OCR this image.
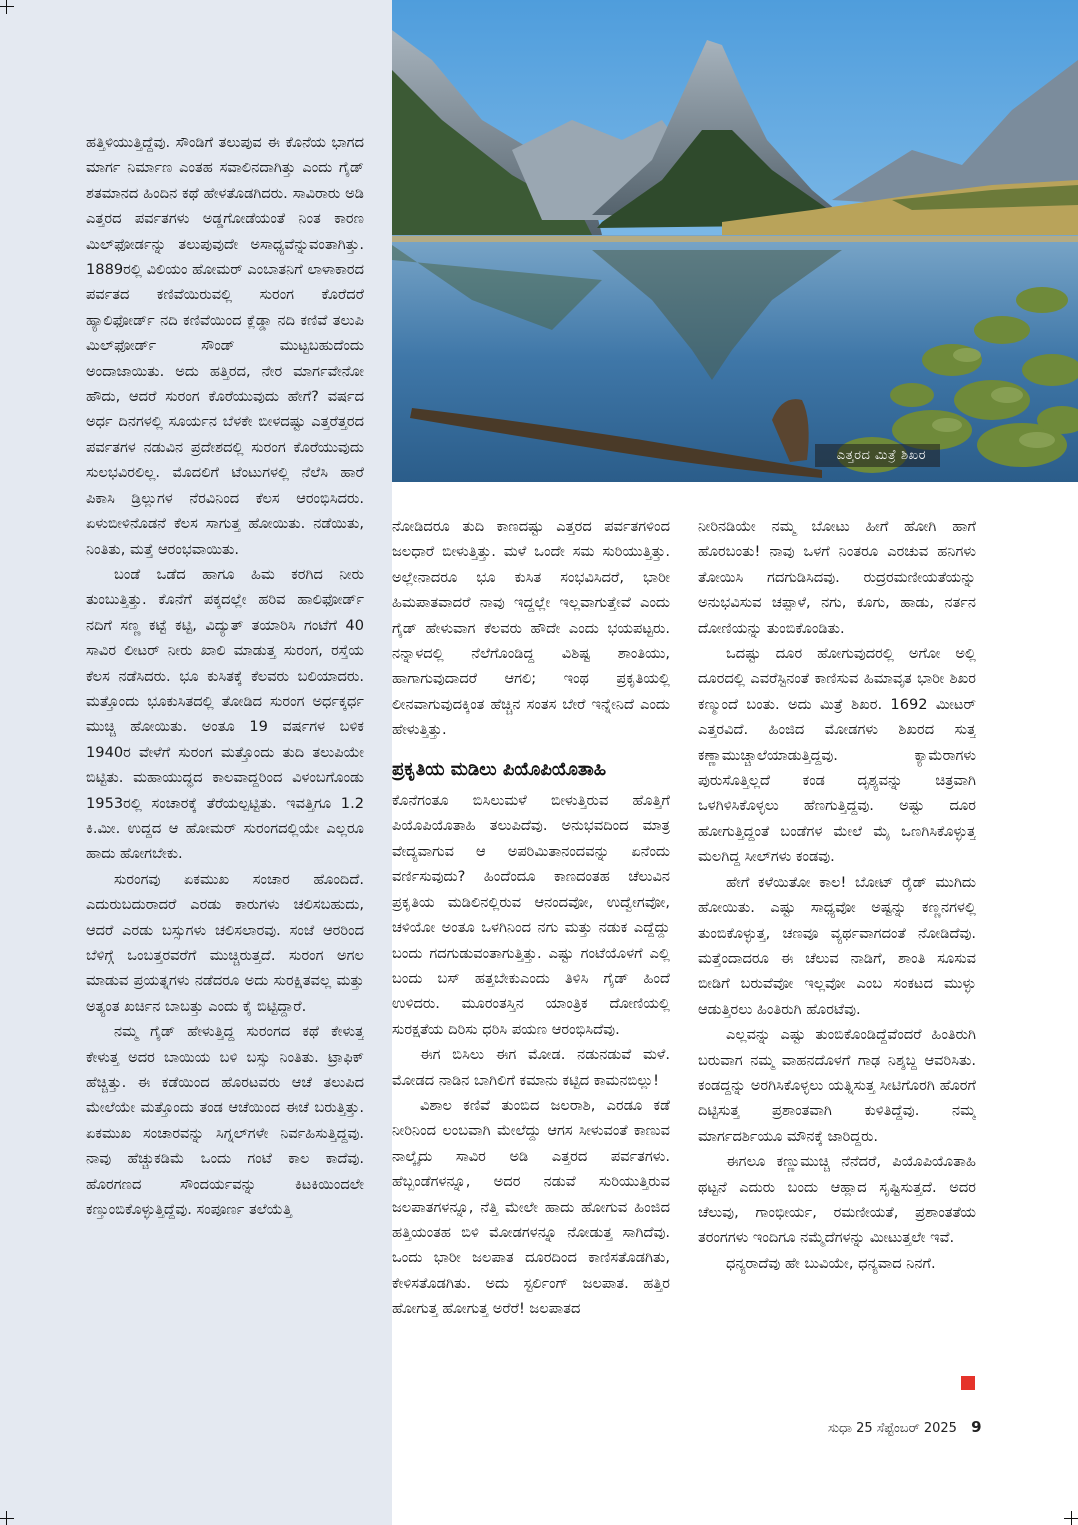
ಎತ್ತರದ ಮಿತ್ರೆ ಶಿಖರ

ಹತ್ತಿಳಿಯುತ್ತಿದ್ದೆವು. ಸೌಂಡಿಗೆ ತಲುಪುವ ಈ ಕೊನೆಯ ಭಾಗದ ಮಾರ್ಗ ನಿರ್ಮಾಣ ಎಂತಹ ಸವಾಲಿನದಾಗಿತ್ತು ಎಂದು ಗೈಡ್ ಶತಮಾನದ ಹಿಂದಿನ ಕಥೆ ಹೇಳತೊಡಗಿದರು. ಸಾವಿರಾರು ಅಡಿ ಎತ್ತರದ ಪರ್ವತಗಳು ಅಡ್ಡಗೋಡೆಯಂತೆ ನಿಂತ ಕಾರಣ ಮಿಲ್‌ಫೋರ್ಡನ್ನು ತಲುಪುವುದೇ ಅಸಾಧ್ಯವೆನ್ನುವಂತಾಗಿತ್ತು. 1889ರಲ್ಲಿ ವಿಲಿಯಂ ಹೋಮರ್ ಎಂಬಾತನಿಗೆ ಲಾಳಾಕಾರದ ಪರ್ವತದ ಕಣಿವೆಯಿರುವಲ್ಲಿ ಸುರಂಗ ಕೊರೆದರೆ ಹ್ಯಾಲಿಫೋರ್ಡ್ ನದಿ ಕಣಿವೆಯಿಂದ ಕ್ಲೆಡ್ಡಾ ನದಿ ಕಣಿವೆ ತಲುಪಿ ಮಿಲ್‌ಫೋರ್ಡ್ ಸೌಂಡ್ ಮುಟ್ಟಬಹುದೆಂದು ಅಂದಾಜಾಯಿತು. ಅದು ಹತ್ತಿರದ, ನೇರ ಮಾರ್ಗವೇನೋ ಹೌದು, ಆದರೆ ಸುರಂಗ ಕೊರೆಯುವುದು ಹೇಗೆ? ವರ್ಷದ ಅರ್ಧ ದಿನಗಳಲ್ಲಿ ಸೂರ್ಯನ ಬೆಳಕೇ ಬೀಳದಷ್ಟು ಎತ್ತರೆತ್ತರದ ಪರ್ವತಗಳ ನಡುವಿನ ಪ್ರದೇಶದಲ್ಲಿ ಸುರಂಗ ಕೊರೆಯುವುದು ಸುಲಭವಿರಲಿಲ್ಲ. ಮೊದಲಿಗೆ ಟೆಂಟುಗಳಲ್ಲಿ ನೆಲೆಸಿ ಹಾರೆ ಪಿಕಾಸಿ ಡ್ರಿಲ್ಲುಗಳ ನೆರವಿನಿಂದ ಕೆಲಸ ಆರಂಭಿಸಿದರು. ಏಳುಬೀಳಿನೊಡನೆ ಕೆಲಸ ಸಾಗುತ್ತ ಹೋಯಿತು. ನಡೆಯಿತು, ನಿಂತಿತು, ಮತ್ತೆ ಆರಂಭವಾಯಿತು.

ಬಂಡೆ ಒಡೆದ ಹಾಗೂ ಹಿಮ ಕರಗಿದ ನೀರು ತುಂಬುತ್ತಿತ್ತು. ಕೊನೆಗೆ ಪಕ್ಕದಲ್ಲೇ ಹರಿವ ಹಾಲಿಫೋರ್ಡ್ ನದಿಗೆ ಸಣ್ಣ ಕಟ್ಟೆ ಕಟ್ಟಿ, ವಿದ್ಯುತ್ ತಯಾರಿಸಿ ಗಂಟೆಗೆ 40 ಸಾವಿರ ಲೀಟರ್ ನೀರು ಖಾಲಿ ಮಾಡುತ್ತ ಸುರಂಗ, ರಸ್ತೆಯ ಕೆಲಸ ನಡೆಸಿದರು. ಭೂ ಕುಸಿತಕ್ಕೆ ಕೆಲವರು ಬಲಿಯಾದರು. ಮತ್ತೊಂದು ಭೂಕುಸಿತದಲ್ಲಿ ತೋಡಿದ ಸುರಂಗ ಅರ್ಧಕ್ಕರ್ಧ ಮುಚ್ಚಿ ಹೋಯಿತು. ಅಂತೂ 19 ವರ್ಷಗಳ ಬಳಿಕ 1940ರ ವೇಳೆಗೆ ಸುರಂಗ ಮತ್ತೊಂದು ತುದಿ ತಲುಪಿಯೇ ಬಿಟ್ಟಿತು. ಮಹಾಯುದ್ಧದ ಕಾಲವಾದ್ದರಿಂದ ವಿಳಂಬಗೊಂಡು 1953ರಲ್ಲಿ ಸಂಚಾರಕ್ಕೆ ತೆರೆಯಲ್ಪಟ್ಟಿತು. ಇವತ್ತಿಗೂ 1.2 ಕಿ.ಮೀ. ಉದ್ದದ ಆ ಹೋಮರ್ ಸುರಂಗದಲ್ಲಿಯೇ ಎಲ್ಲರೂ ಹಾದು ಹೋಗಬೇಕು.

ಸುರಂಗವು ಏಕಮುಖ ಸಂಚಾರ ಹೊಂದಿದೆ. ಎದುರುಬದುರಾದರೆ ಎರಡು ಕಾರುಗಳು ಚಲಿಸಬಹುದು, ಆದರೆ ಎರಡು ಬಸ್ಸುಗಳು ಚಲಿಸಲಾರವು. ಸಂಜೆ ಆರರಿಂದ ಬೆಳಿಗ್ಗೆ ಒಂಬತ್ತರವರೆಗೆ ಮುಚ್ಚಿರುತ್ತದೆ. ಸುರಂಗ ಅಗಲ ಮಾಡುವ ಪ್ರಯತ್ನಗಳು ನಡೆದರೂ ಅದು ಸುರಕ್ಷಿತವಲ್ಲ ಮತ್ತು ಅತ್ಯಂತ ಖರ್ಚಿನ ಬಾಬತ್ತು ಎಂದು ಕೈ ಬಿಟ್ಟಿದ್ದಾರೆ.

ನಮ್ಮ ಗೈಡ್ ಹೇಳುತ್ತಿದ್ದ ಸುರಂಗದ ಕಥೆ ಕೇಳುತ್ತ ಕೇಳುತ್ತ ಅದರ ಬಾಯಿಯ ಬಳಿ ಬಸ್ಸು ನಿಂತಿತು. ಟ್ರಾಫಿಕ್ ಹೆಚ್ಚಿತ್ತು. ಈ ಕಡೆಯಿಂದ ಹೊರಟವರು ಆಚೆ ತಲುಪಿದ ಮೇಲೆಯೇ ಮತ್ತೊಂದು ತಂಡ ಆಚೆಯಿಂದ ಈಚೆ ಬರುತ್ತಿತ್ತು. ಏಕಮುಖ ಸಂಚಾರವನ್ನು ಸಿಗ್ನಲ್‌ಗಳೇ ನಿರ್ವಹಿಸುತ್ತಿದ್ದವು. ನಾವು ಹೆಚ್ಚುಕಡಿಮೆ ಒಂದು ಗಂಟೆ ಕಾಲ ಕಾದೆವು. ಹೊರಗಣದ ಸೌಂದರ್ಯವನ್ನು ಕಿಟಕಿಯಿಂದಲೇ ಕಣ್ತುಂಬಿಕೊಳ್ಳುತ್ತಿದ್ದೆವು. ಸಂಪೂರ್ಣ ತಲೆಯೆತ್ತಿ

ನೋಡಿದರೂ ತುದಿ ಕಾಣದಷ್ಟು ಎತ್ತರದ ಪರ್ವತಗಳಿಂದ ಜಲಧಾರೆ ಬೀಳುತ್ತಿತ್ತು. ಮಳೆ ಒಂದೇ ಸಮ ಸುರಿಯುತ್ತಿತ್ತು. ಅಲ್ಲೇನಾದರೂ ಭೂ ಕುಸಿತ ಸಂಭವಿಸಿದರೆ, ಭಾರೀ ಹಿಮಪಾತವಾದರೆ ನಾವು ಇದ್ದಲ್ಲೇ ಇಲ್ಲವಾಗುತ್ತೇವೆ ಎಂದು ಗೈಡ್ ಹೇಳುವಾಗ ಕೆಲವರು ಹೌದೇ ಎಂದು ಭಯಪಟ್ಟರು. ನನ್ನಾಳದಲ್ಲಿ ನೆಲೆಗೊಂಡಿದ್ದ ವಿಶಿಷ್ಟ ಶಾಂತಿಯು, ಹಾಗಾಗುವುದಾದರೆ ಆಗಲಿ; ಇಂಥ ಪ್ರಕೃತಿಯಲ್ಲಿ ಲೀನವಾಗುವುದಕ್ಕಿಂತ ಹೆಚ್ಚಿನ ಸಂತಸ ಬೇರೆ ಇನ್ನೇನಿದೆ ಎಂದು ಹೇಳುತ್ತಿತ್ತು.

ಪ್ರಕೃತಿಯ ಮಡಿಲು ಪಿಯೊಪಿಯೊತಾಹಿ

ಕೊನೆಗಂತೂ ಬಿಸಿಲುಮಳೆ ಬೀಳುತ್ತಿರುವ ಹೊತ್ತಿಗೆ ಪಿಯೊಪಿಯೊತಾಹಿ ತಲುಪಿದೆವು. ಅನುಭವದಿಂದ ಮಾತ್ರ ವೇದ್ಯವಾಗುವ ಆ ಅಪರಿಮಿತಾನಂದವನ್ನು ಏನೆಂದು ವರ್ಣಿಸುವುದು? ಹಿಂದೆಂದೂ ಕಾಣದಂತಹ ಚೆಲುವಿನ ಪ್ರಕೃತಿಯ ಮಡಿಲಿನಲ್ಲಿರುವ ಆನಂದವೋ, ಉದ್ವೇಗವೋ, ಚಳಿಯೋ ಅಂತೂ ಒಳಗಿನಿಂದ ನಗು ಮತ್ತು ನಡುಕ ಎದ್ದೆದ್ದು ಬಂದು ಗದಗುಡುವಂತಾಗುತ್ತಿತ್ತು. ಎಷ್ಟು ಗಂಟೆಯೊಳಗೆ ಎಲ್ಲಿ ಬಂದು ಬಸ್ ಹತ್ತಬೇಕುಎಂದು ತಿಳಿಸಿ ಗೈಡ್ ಹಿಂದೆ ಉಳಿದರು. ಮೂರಂತಸ್ತಿನ ಯಾಂತ್ರಿಕ ದೋಣಿಯಲ್ಲಿ ಸುರಕ್ಷತೆಯ ದಿರಿಸು ಧರಿಸಿ ಪಯಣ ಆರಂಭಿಸಿದೆವು.

ಈಗ ಬಿಸಿಲು ಈಗ ಮೋಡ. ನಡುನಡುವೆ ಮಳೆ. ಮೋಡದ ನಾಡಿನ ಬಾಗಿಲಿಗೆ ಕಮಾನು ಕಟ್ಟಿದ ಕಾಮನಬಿಲ್ಲು!

ವಿಶಾಲ ಕಣಿವೆ ತುಂಬಿದ ಜಲರಾಶಿ, ಎರಡೂ ಕಡೆ ನೀರಿನಿಂದ ಲಂಬವಾಗಿ ಮೇಲೆದ್ದು ಆಗಸ ಸೀಳುವಂತೆ ಕಾಣುವ ನಾಲ್ಕೈದು ಸಾವಿರ ಅಡಿ ಎತ್ತರದ ಪರ್ವತಗಳು. ಹೆಬ್ಬಂಡೆಗಳನ್ನೂ, ಅದರ ನಡುವೆ ಸುರಿಯುತ್ತಿರುವ ಜಲಪಾತಗಳನ್ನೂ, ನೆತ್ತಿ ಮೇಲೇ ಹಾದು ಹೋಗುವ ಹಿಂಜಿದ ಹತ್ತಿಯಂತಹ ಬಿಳಿ ಮೋಡಗಳನ್ನೂ ನೋಡುತ್ತ ಸಾಗಿದೆವು. ಒಂದು ಭಾರೀ ಜಲಪಾತ ದೂರದಿಂದ ಕಾಣಿಸತೊಡಗಿತು, ಕೇಳಿಸತೊಡಗಿತು. ಅದು ಸ್ಟರ್ಲಿಂಗ್ ಜಲಪಾತ. ಹತ್ತಿರ ಹೋಗುತ್ತ ಹೋಗುತ್ತ ಅರೆರೆ! ಜಲಪಾತದ

ನೀರಿನಡಿಯೇ ನಮ್ಮ ಬೋಟು ಹೀಗೆ ಹೋಗಿ ಹಾಗೆ ಹೊರಬಂತು! ನಾವು ಒಳಗೆ ನಿಂತರೂ ಎರಚುವ ಹನಿಗಳು ತೋಯಿಸಿ ಗದಗುಡಿಸಿದವು. ರುದ್ರರಮಣೀಯತೆಯನ್ನು ಅನುಭವಿಸುವ ಚಪ್ಪಾಳೆ, ನಗು, ಕೂಗು, ಹಾಡು, ನರ್ತನ ದೋಣಿಯನ್ನು ತುಂಬಿಕೊಂಡಿತು.

ಒದಷ್ಟು ದೂರ ಹೋಗುವುದರಲ್ಲಿ ಅಗೋ ಅಲ್ಲಿ ದೂರದಲ್ಲಿ ಎವರೆಸ್ಟಿನಂತೆ ಕಾಣಿಸುವ ಹಿಮಾವೃತ ಭಾರೀ ಶಿಖರ ಕಣ್ಮುಂದೆ ಬಂತು. ಅದು ಮಿತ್ರೆ ಶಿಖರ. 1692 ಮೀಟರ್ ಎತ್ತರವಿದೆ. ಹಿಂಜಿದ ಮೋಡಗಳು ಶಿಖರದ ಸುತ್ತ ಕಣ್ಣಾಮುಚ್ಚಾಲೆಯಾಡುತ್ತಿದ್ದವು. ಕ್ಯಾಮೆರಾಗಳು ಪುರುಸೊತ್ತಿಲ್ಲದೆ ಕಂಡ ದೃಶ್ಯವನ್ನು ಚಿತ್ರವಾಗಿ ಒಳಗಿಳಿಸಿಕೊಳ್ಳಲು ಹೆಣಗುತ್ತಿದ್ದವು. ಅಷ್ಟು ದೂರ ಹೋಗುತ್ತಿದ್ದಂತೆ ಬಂಡೆಗಳ ಮೇಲೆ ಮೈ ಒಣಗಿಸಿಕೊಳ್ಳುತ್ತ ಮಲಗಿದ್ದ ಸೀಲ್‌ಗಳು ಕಂಡವು.

ಹೇಗೆ ಕಳೆಯಿತೋ ಕಾಲ! ಬೋಟ್ ರೈಡ್ ಮುಗಿದು ಹೋಯಿತು. ಎಷ್ಟು ಸಾಧ್ಯವೋ ಅಷ್ಟನ್ನು ಕಣ್ಣನಗಳಲ್ಲಿ ತುಂಬಿಕೊಳ್ಳುತ್ತ, ಚಣವೂ ವ್ಯರ್ಥವಾಗದಂತೆ ನೋಡಿದೆವು. ಮತ್ತೆಂದಾದರೂ ಈ ಚೆಲುವ ನಾಡಿಗೆ, ಶಾಂತಿ ಸೂಸುವ ಬೀಡಿಗೆ ಬರುವೆವೋ ಇಲ್ಲವೋ ಎಂಬ ಸಂಕಟದ ಮುಳ್ಳು ಆಡುತ್ತಿರಲು ಹಿಂತಿರುಗಿ ಹೊರಟೆವು.

ಎಲ್ಲವನ್ನು ಎಷ್ಟು ತುಂಬಿಕೊಂಡಿದ್ದೆವೆಂದರೆ ಹಿಂತಿರುಗಿ ಬರುವಾಗ ನಮ್ಮ ವಾಹನದೊಳಗೆ ಗಾಢ ನಿಶ್ಶಬ್ದ ಆವರಿಸಿತು. ಕಂಡದ್ದನ್ನು ಅರಗಿಸಿಕೊಳ್ಳಲು ಯತ್ನಿಸುತ್ತ ಸೀಟಿಗೊರಗಿ ಹೊರಗೆ ದಿಟ್ಟಿಸುತ್ತ ಪ್ರಶಾಂತವಾಗಿ ಕುಳಿತಿದ್ದೆವು. ನಮ್ಮ ಮಾರ್ಗದರ್ಶಿಯೂ ಮೌನಕ್ಕೆ ಜಾರಿದ್ದರು.

ಈಗಲೂ ಕಣ್ಣುಮುಚ್ಚಿ ನೆನೆದರೆ, ಪಿಯೊಪಿಯೊತಾಹಿ ಥಟ್ಟನೆ ಎದುರು ಬಂದು ಆಹ್ಲಾದ ಸೃಷ್ಟಿಸುತ್ತದೆ. ಅದರ ಚೆಲುವು, ಗಾಂಭೀರ್ಯ, ರಮಣೀಯತೆ, ಪ್ರಶಾಂತತೆಯ ತರಂಗಗಳು ಇಂದಿಗೂ ನಮ್ಮೆದೆಗಳನ್ನು ಮೀಟುತ್ತಲೇ ಇವೆ.

ಧನ್ಯರಾದೆವು ಹೇ ಬುವಿಯೇ, ಧನ್ಯವಾದ ನಿನಗೆ.

ಸುಧಾ 25 ಸೆಪ್ಟೆಂಬರ್ 2025 9
